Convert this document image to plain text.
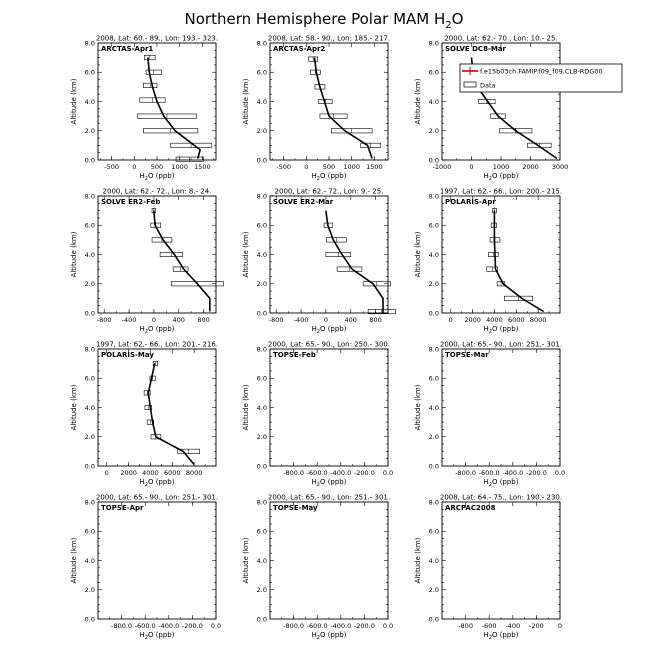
Northern Hemisphere Polar MAM $H_2O$
2008, Lat: 60.- 89., Lon: 193.- 323.
ARCTAS-Apr1
0.0
2.0
4.0
6.0
8.0
-500 0 500 1000 1500
$H_2O$ (ppb)
Altitude (km)
2008, Lat: 58.- 90., Lon: 185.- 217.
ARCTAS-Apr2
0.0
2.0
4.0
6.0
8.0
-500 0 500 1000 1500
$H_2O$ (ppb)
Altitude (km)
2000, Lat: 62.- 70., Lon: 10.- 25.
SOLVE DC8-Mar
0.0
2.0
4.0
6.0
8.0
-1000	0	1000 2000 3000
$H_2O$ (ppb)
Altitude (km)
2000, Lat: 62.- 72., Lon: 8.- 24.
SOLVE ER2-Feb
0.0
2.0
4.0
6.0
8.0
-800 -400 0	400 800
$H_2O$ (ppb)
Altitude (km)
2000, Lat: 62.- 72., Lon: 9.- 25.
SOLVE ER2-Mar
0.0
2.0
4.0
6.0
8.0
-800 -400 0	400 800
$H_2O$ (ppb)
Altitude (km)
1997, Lat: 62.- 66., Lon: 200.- 215.
POLARIS-Apr
0.0
2.0
4.0
6.0
8.0
0 2000 4000 6000 8000
$H_2O$ (ppb)
Altitude (km)
1997, Lat: 62.- 66., Lon: 201.- 216.
POLARIS-May
0.0
2.0
4.0
6.0
8.0
0 2000 4000 6000 8000
$H_2O$ (ppb)
Altitude (km)
2000, Lat: 65.- 90., Lon: 250.- 300.
TOPSE-Feb
0.0
2.0
4.0
6.0
8.0
-800.0 -600.0 -400.0 -200.0 0.0
$H_2O$ (ppb)
Altitude (km)
2000, Lat: 65.- 90., Lon: 251.- 301.
TOPSE-Mar
0.0
2.0
4.0
6.0
8.0
-800.0 -600.0 -400.0 -200.0 0.0
$H_2O$ (ppb)
Altitude (km)
2000, Lat: 65.- 90., Lon: 251.- 301.
TOPSE-Apr
0.0
2.0
4.0
6.0
8.0
-800.0 -600.0 -400.0 -200.0 0.0
$H_2O$ (ppb)
Altitude (km)
2000, Lat: 65.- 90., Lon: 251.- 301.
TOPSE-May
0.0
2.0
4.0
6.0
8.0
-800.0 -600.0 -400.0 -200.0 0.0
$H_2O$ (ppb)
Altitude (km)
2008, Lat: 64.- 75., Lon: 190.- 230.
ARCPAC2008
0.0
2.0
4.0
6.0
8.0
-800 -600 -400 -200 0
$H_2O$ (ppb)
Altitude (km)
f.e15b03ch.FAMIP.f09_f09.CLB-RDG00
Data
